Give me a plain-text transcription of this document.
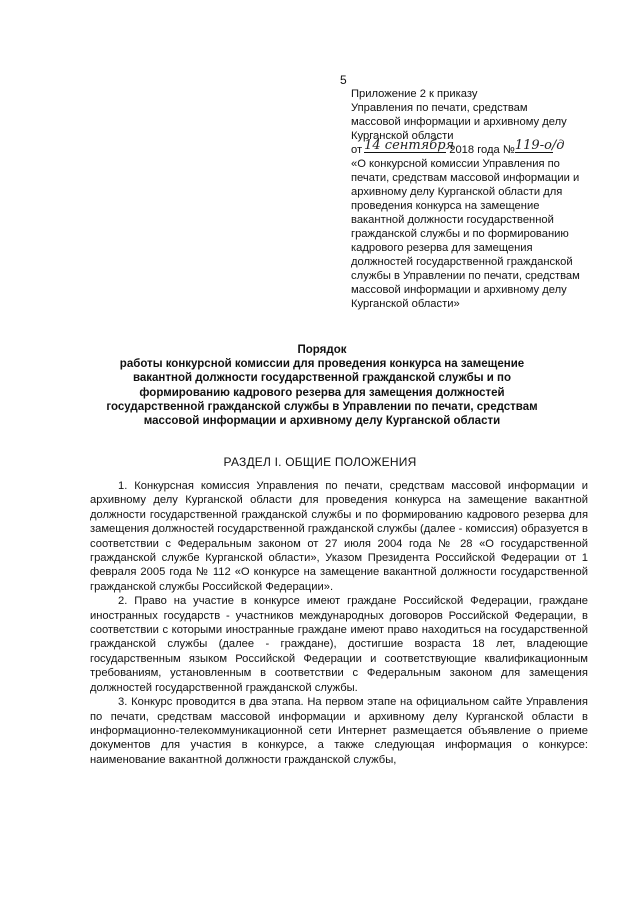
5
Приложение 2 к приказу
Управления по печати, средствам
массовой информации и архивному делу
Курганской области
от 14 сентября 2018 года №119-о/д
«О конкурсной комиссии Управления по печати, средствам массовой информации и архивному делу Курганской области для проведения конкурса на замещение вакантной должности государственной гражданской службы и по формированию кадрового резерва для замещения должностей государственной гражданской службы в Управлении по печати, средствам массовой информации и архивному делу Курганской области»
Порядок
работы конкурсной комиссии для проведения конкурса на замещение вакантной должности государственной гражданской службы и по формированию кадрового резерва для замещения должностей государственной гражданской службы в Управлении по печати, средствам массовой информации и архивному делу Курганской области
РАЗДЕЛ I. ОБЩИЕ ПОЛОЖЕНИЯ

1. Конкурсная комиссия Управления по печати, средствам массовой информации и архивному делу Курганской области для проведения конкурса на замещение вакантной должности государственной гражданской службы и по формированию кадрового резерва для замещения должностей государственной гражданской службы (далее - комиссия) образуется в соответствии с Федеральным законом от 27 июля 2004 года № 28 «О государственной гражданской службе Курганской области», Указом Президента Российской Федерации от 1 февраля 2005 года № 112 «О конкурсе на замещение вакантной должности государственной гражданской службы Российской Федерации».

2. Право на участие в конкурсе имеют граждане Российской Федерации, граждане иностранных государств - участников международных договоров Российской Федерации, в соответствии с которыми иностранные граждане имеют право находиться на государственной гражданской службы (далее - граждане), достигшие возраста 18 лет, владеющие государственным языком Российской Федерации и соответствующие квалификационным требованиям, установленным в соответствии с Федеральным законом для замещения должностей государственной гражданской службы.

3. Конкурс проводится в два этапа. На первом этапе на официальном сайте Управления по печати, средствам массовой информации и архивному делу Курганской области в информационно-телекоммуникационной сети Интернет размещается объявление о приеме документов для участия в конкурсе, а также следующая информация о конкурсе: наименование вакантной должности гражданской службы,
